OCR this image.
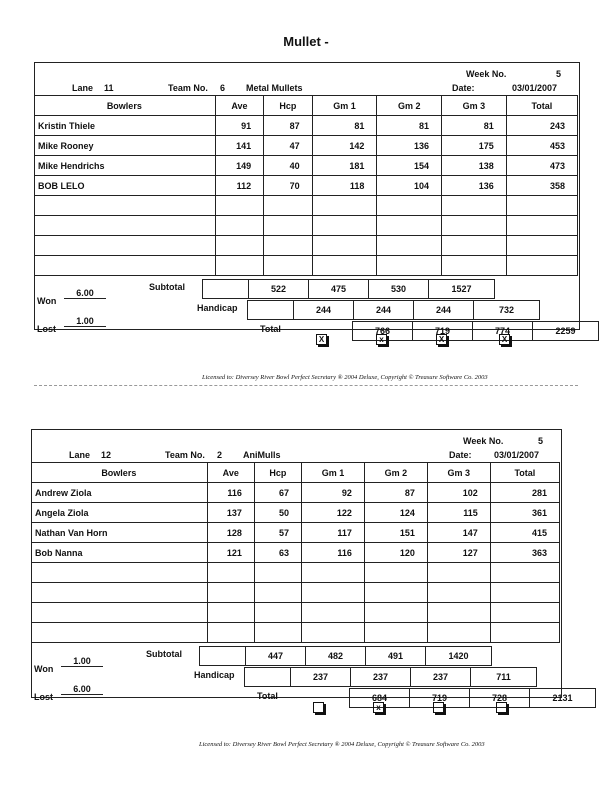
Mullet -
Week No.	5
Lane 11	Team No. 6 Metal Mullets	Date:	03/01/2007
Bowlers	Ave	Hcp	Gm 1	Gm 2	Gm 3	Total
Kristin Thiele	91	87	81	81	81	243
Mike Rooney	141	47	142	136	175	453
Mike Hendrichs	149	40	181	154	138	473
BOB LELO	112	70	118	104	136	358

Subtotal
		522	475	530	1527
Handicap
		244	244	244	732
Total	766	719	774	2259
Won
6.00
Lost
1.00
X	x	X	X
Licensed to: Diversey River Bowl Perfect Secretary ® 2004 Deluxe, Copyright © Treasure Software Co. 2003
Week No.	5
Lane 12	Team No. 2 AniMulls	Date: 03/01/2007
Bowlers	Ave	Hcp	Gm 1	Gm 2	Gm 3	Total
Andrew Ziola	116	67	92	87	102	281
Angela Ziola	137	50	122	124	115	361
Nathan Van Horn	128	57	117	151	147	415
Bob Nanna	121	63	116	120	127	363

Subtotal
		447	482	491	1420
Handicap
		237	237	237	711
Total	684	719	728	2131
Won
1.00
Lost
6.00
x
Licensed to: Diversey River Bowl Perfect Secretary ® 2004 Deluxe, Copyright © Treasure Software Co. 2003
